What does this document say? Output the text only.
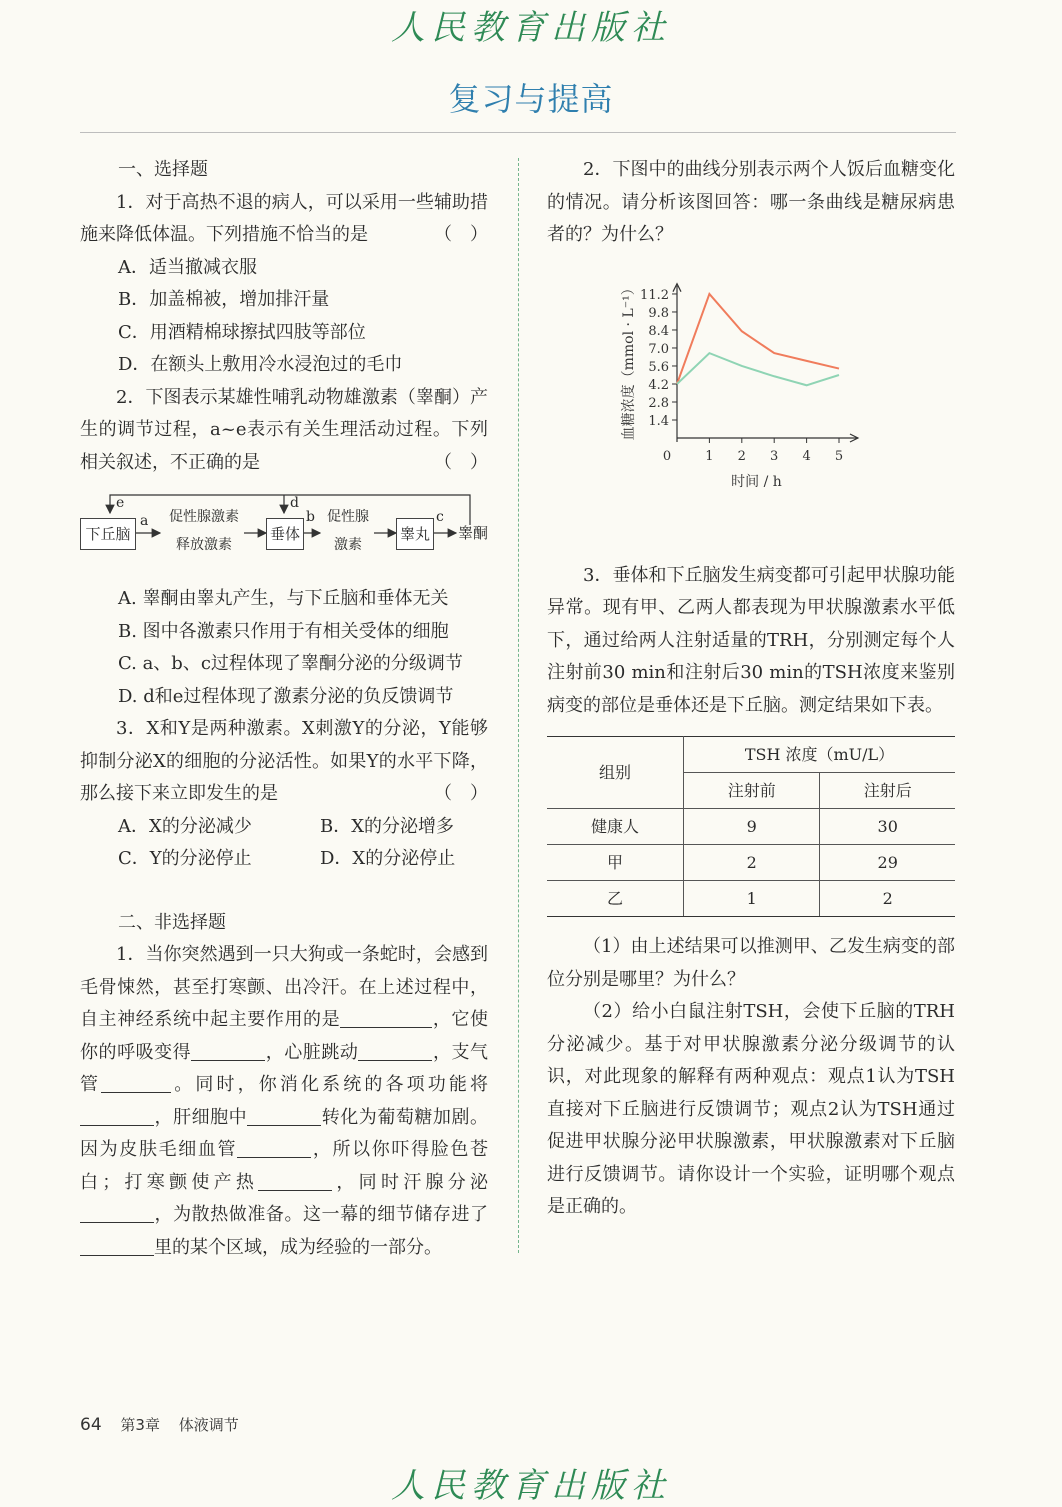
人民教育出版社
复习与提高

一、选择题

1．对于高热不退的病人，可以采用一些辅助措施来降低体温。下列措施不恰当的是	（　）

A．适当撤减衣服

B．加盖棉被，增加排汗量

C．用酒精棉球擦拭四肢等部位

D．在额头上敷用冷水浸泡过的毛巾

2．下图表示某雄性哺乳动物雄激素（睾酮）产生的调节过程，a~e表示有关生理活动过程。下列相关叙述，不正确的是	（　）

下丘脑	垂体	睾丸 睾酮
促性腺激素
释放激素
促性腺
激素
a	b	c
d
e

A. 睾酮由睾丸产生，与下丘脑和垂体无关

B. 图中各激素只作用于有相关受体的细胞

C. a、b、c过程体现了睾酮分泌的分级调节

D. d和e过程体现了激素分泌的负反馈调节

3．X和Y是两种激素。X刺激Y的分泌，Y能够抑制分泌X的细胞的分泌活性。如果Y的水平下降，那么接下来立即发生的是	（　）

A．X的分泌减少	B．X的分泌增多
C．Y的分泌停止	D．X的分泌停止

二、非选择题

1．当你突然遇到一只大狗或一条蛇时，会感到毛骨悚然，甚至打寒颤、出冷汗。在上述过程中，自主神经系统中起主要作用的是	，它使你的呼吸变得	，心脏跳动	，支气管	。同时，你消化系统的各项功能将，肝细胞中	转化为葡萄糖加剧。因为皮肤毛细血管	，所以你吓得脸色苍白；打寒颤使产热	，同时汗腺分泌，为散热做准备。这一幕的细节储存进了里的某个区域，成为经验的一部分。

2．下图中的曲线分别表示两个人饭后血糖变化的情况。请分析该图回答：哪一条曲线是糖尿病患者的？为什么？

1.4
2.8
4.2
5.6
7.0
8.4
9.8
11.2
0	1 2 3 4 5
时间 / h
血糖浓度（mmol · L⁻¹）

3．垂体和下丘脑发生病变都可引起甲状腺功能异常。现有甲、乙两人都表现为甲状腺激素水平低下，通过给两人注射适量的TRH，分别测定每个人注射前30 min和注射后30 min的TSH浓度来鉴别病变的部位是垂体还是下丘脑。测定结果如下表。

组别	TSH 浓度（mU/L）	
	注射前	注射后
健康人	9	30
甲	2	29
乙	1	2

（1）由上述结果可以推测甲、乙发生病变的部位分别是哪里？为什么？

（2）给小白鼠注射TSH，会使下丘脑的TRH分泌减少。基于对甲状腺激素分泌分级调节的认识，对此现象的解释有两种观点：观点1认为TSH直接对下丘脑进行反馈调节；观点2认为TSH通过促进甲状腺分泌甲状腺激素，甲状腺激素对下丘脑进行反馈调节。请你设计一个实验，证明哪个观点是正确的。

64 第3章 体液调节
人民教育出版社
